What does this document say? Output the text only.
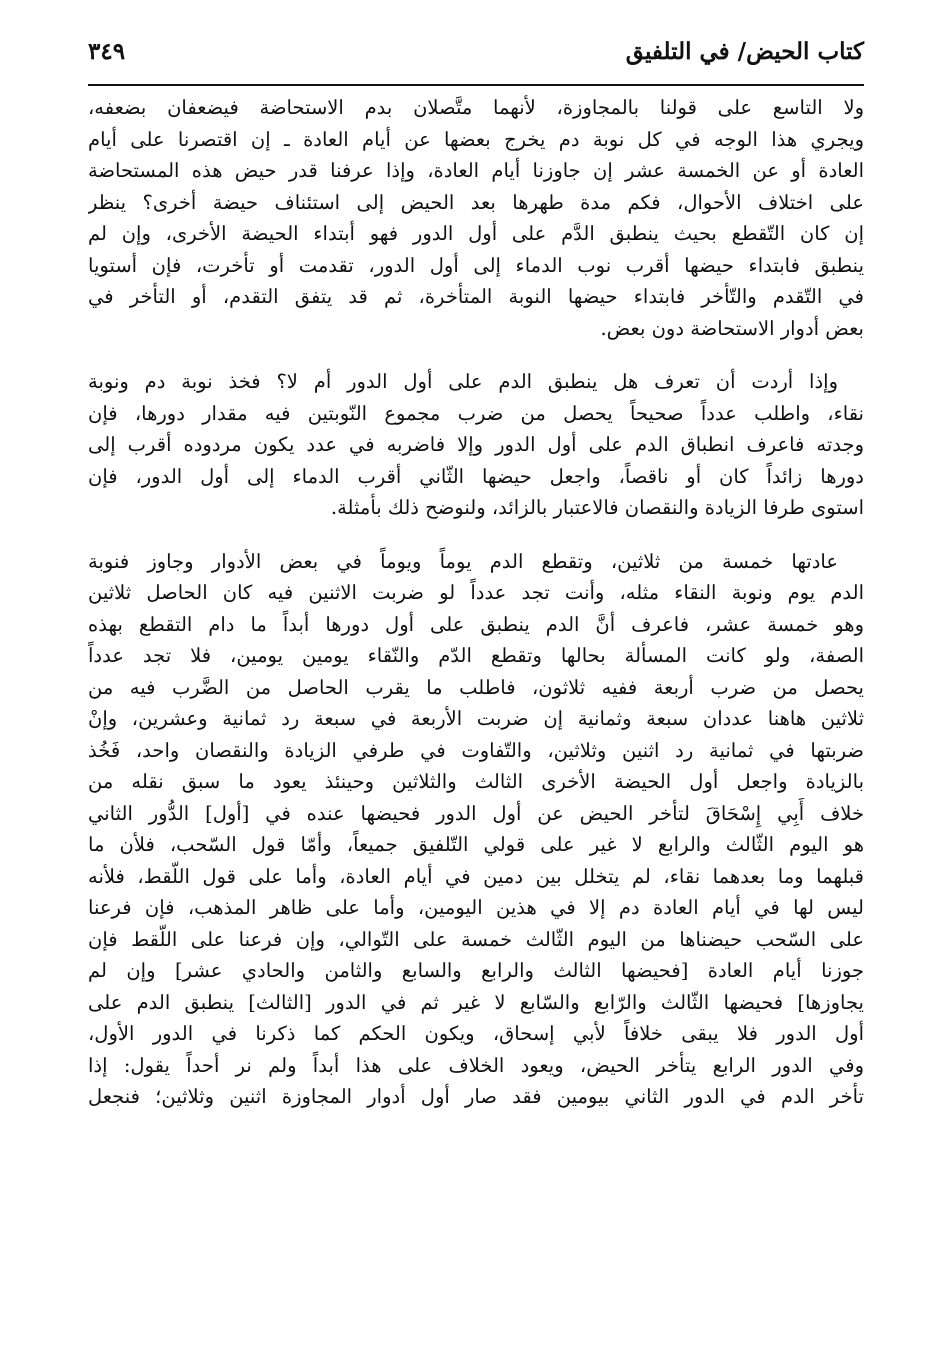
كتاب الحيض/ في التلفيق
٣٤٩

ولا التاسع على قولنا بالمجاوزة، لأنهما متَّصلان بدم الاستحاضة فيضعفان بضعفه،
ويجري هذا الوجه في كل نوبة دم يخرج بعضها عن أيام العادة ـ إن اقتصرنا على أيام
العادة أو عن الخمسة عشر إن جاوزنا أيام العادة، وإذا عرفنا قدر حيض هذه المستحاضة
على اختلاف الأحوال، فكم مدة طهرها بعد الحيض إلى استئناف حيضة أخرى؟ ينظر
إن كان التّقطع بحيث ينطبق الدَّم على أول الدور فهو أبتداء الحيضة الأخرى، وإن لم
ينطبق فابتداء حيضها أقرب نوب الدماء إلى أول الدور، تقدمت أو تأخرت، فإن أستويا
في التّقدم والتّأخر فابتداء حيضها النوبة المتأخرة، ثم قد يتفق التقدم، أو التأخر في
بعض أدوار الاستحاضة دون بعض.

وإذا أردت أن تعرف هل ينطبق الدم على أول الدور أم لا؟ فخذ نوبة دم ونوبة
نقاء، واطلب عدداً صحيحاً يحصل من ضرب مجموع النّوبتين فيه مقدار دورها، فإن
وجدته فاعرف انطباق الدم على أول الدور وإلا فاضربه في عدد يكون مردوده أقرب إلى
دورها زائداً كان أو ناقصاً، واجعل حيضها الثّاني أقرب الدماء إلى أول الدور، فإن
استوى طرفا الزيادة والنقصان فالاعتبار بالزائد، ولنوضح ذلك بأمثلة.

عادتها خمسة من ثلاثين، وتقطع الدم يوماً ويوماً في بعض الأدوار وجاوز فنوبة
الدم يوم ونوبة النقاء مثله، وأنت تجد عدداً لو ضربت الاثنين فيه كان الحاصل ثلاثين
وهو خمسة عشر، فاعرف أنَّ الدم ينطبق على أول دورها أبداً ما دام التقطع بهذه
الصفة، ولو كانت المسألة بحالها وتقطع الدّم والنّقاء يومين يومين، فلا تجد عدداً
يحصل من ضرب أربعة ففيه ثلاثون، فاطلب ما يقرب الحاصل من الضَّرب فيه من
ثلاثين هاهنا عددان سبعة وثمانية إن ضربت الأربعة في سبعة رد ثمانية وعشرين، وإنْ
ضربتها في ثمانية رد اثنين وثلاثين، والتّفاوت في طرفي الزيادة والنقصان واحد، فَخُذ
بالزيادة واجعل أول الحيضة الأخرى الثالث والثلاثين وحينئذ يعود ما سبق نقله من
خلاف أَبِي إِسْحَاقَ لتأخر الحيض عن أول الدور فحيضها عنده في [أول] الدُّور الثاني
هو اليوم الثّالث والرابع لا غير على قولي التّلفيق جميعاً، وأمّا قول السّحب، فلأن ما
قبلهما وما بعدهما نقاء، لم يتخلل بين دمين في أيام العادة، وأما على قول اللّقط، فلأنه
ليس لها في أيام العادة دم إلا في هذين اليومين، وأما على ظاهر المذهب، فإن فرعنا
على السّحب حيضناها من اليوم الثّالث خمسة على التّوالي، وإن فرعنا على اللّقط فإن
جوزنا أيام العادة [فحيضها الثالث والرابع والسابع والثامن والحادي عشر] وإن لم
يجاوزها] فحيضها الثّالث والرّابع والسّابع لا غير ثم في الدور [الثالث] ينطبق الدم على
أول الدور فلا يبقى خلافاً لأبي إسحاق، ويكون الحكم كما ذكرنا في الدور الأول،
وفي الدور الرابع يتأخر الحيض، ويعود الخلاف على هذا أبداً ولم نر أحداً يقول: إذا
تأخر الدم في الدور الثاني بيومين فقد صار أول أدوار المجاوزة اثنين وثلاثين؛ فنجعل
